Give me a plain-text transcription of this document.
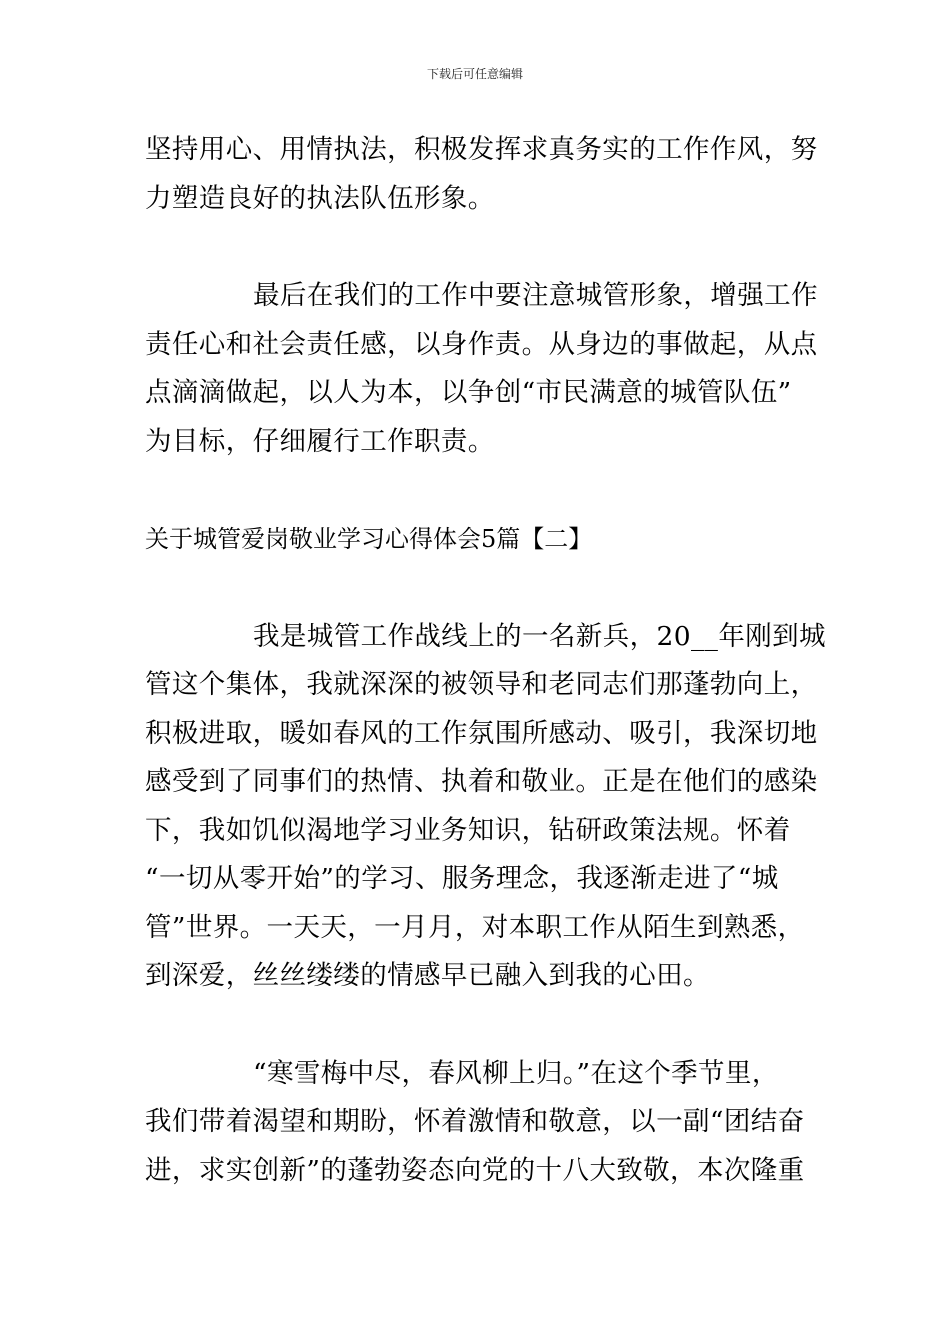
下载后可任意编辑

坚持用心、用情执法，积极发挥求真务实的工作作风，努
力塑造良好的执法队伍形象。

最后在我们的工作中要注意城管形象，增强工作
责任心和社会责任感，以身作责。从身边的事做起，从点
点滴滴做起，以人为本，以争创“市民满意的城管队伍”
为目标，仔细履行工作职责。

关于城管爱岗敬业学习心得体会5篇【二】

我是城管工作战线上的一名新兵，20__年刚到城
管这个集体，我就深深的被领导和老同志们那蓬勃向上，
积极进取，暖如春风的工作氛围所感动、吸引，我深切地
感受到了同事们的热情、执着和敬业。正是在他们的感染
下，我如饥似渴地学习业务知识，钻研政策法规。怀着
“一切从零开始”的学习、服务理念，我逐渐走进了“城
管”世界。一天天，一月月，对本职工作从陌生到熟悉，
到深爱，丝丝缕缕的情感早已融入到我的心田。

“寒雪梅中尽，春风柳上归。”在这个季节里，
我们带着渴望和期盼，怀着激情和敬意，以一副“团结奋
进，求实创新”的蓬勃姿态向党的十八大致敬，本次隆重
